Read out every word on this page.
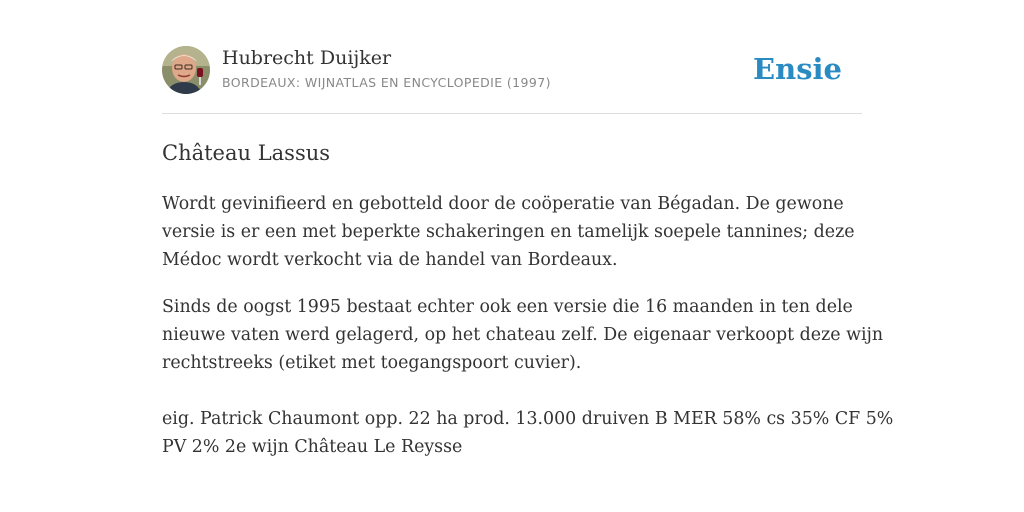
Hubrecht Duijker
BORDEAUX: WIJNATLAS EN ENCYCLOPEDIE (1997)	Ensie
Château Lassus

Wordt gevinifieerd en gebotteld door de coöperatie van Bégadan. De gewone
versie is er een met beperkte schakeringen en tamelijk soepele tannines; deze
Médoc wordt verkocht via de handel van Bordeaux.

Sinds de oogst 1995 bestaat echter ook een versie die 16 maanden in ten dele
nieuwe vaten werd gelagerd, op het chateau zelf. De eigenaar verkoopt deze wijn
rechtstreeks (etiket met toegangspoort cuvier).

eig. Patrick Chaumont opp. 22 ha prod. 13.000 druiven B MER 58% cs 35% CF 5%
PV 2% 2e wijn Château Le Reysse
